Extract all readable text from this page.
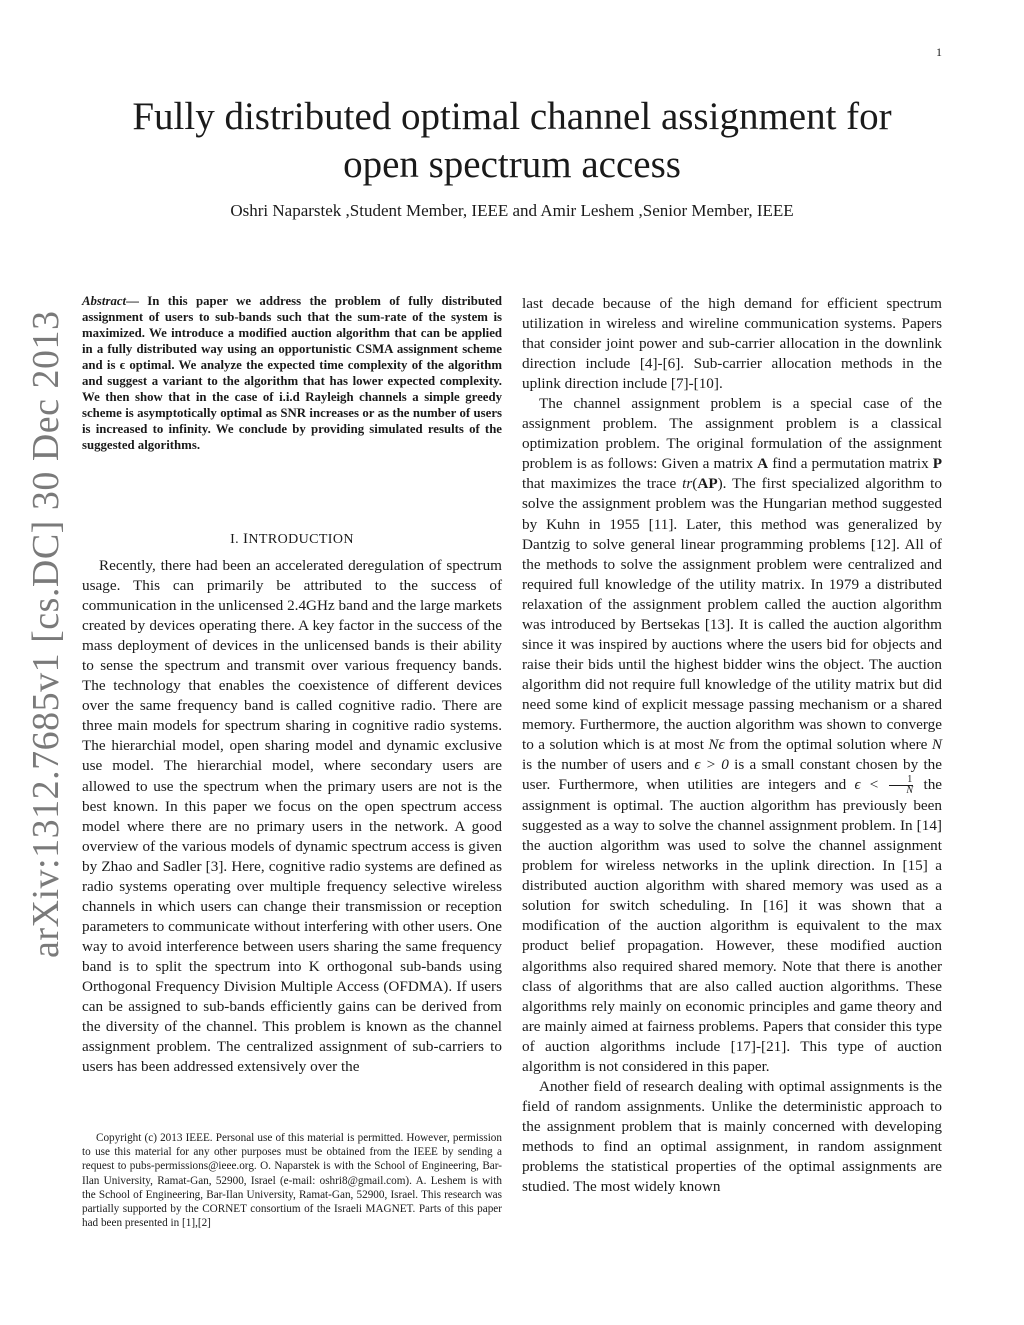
1
arXiv:1312.7685v1 [cs.DC] 30 Dec 2013
Fully distributed optimal channel assignment for open spectrum access
Oshri Naparstek ,Student Member, IEEE and Amir Leshem ,Senior Member, IEEE

Abstract— In this paper we address the problem of fully distributed assignment of users to sub-bands such that the sum-rate of the system is maximized. We introduce a modified auction algorithm that can be applied in a fully distributed way using an opportunistic CSMA assignment scheme and is ϵ optimal. We analyze the expected time complexity of the algorithm and suggest a variant to the algorithm that has lower expected complexity. We then show that in the case of i.i.d Rayleigh channels a simple greedy scheme is asymptotically optimal as SNR increases or as the number of users is increased to infinity. We conclude by providing simulated results of the suggested algorithms.

I. INTRODUCTION

Recently, there had been an accelerated deregulation of spectrum usage. This can primarily be attributed to the success of communication in the unlicensed 2.4GHz band and the large markets created by devices operating there. A key factor in the success of the mass deployment of devices in the unlicensed bands is their ability to sense the spectrum and transmit over various frequency bands. The technology that enables the coexistence of different devices over the same frequency band is called cognitive radio. There are three main models for spectrum sharing in cognitive radio systems. The hierarchial model, open sharing model and dynamic exclusive use model. The hierarchial model, where secondary users are allowed to use the spectrum when the primary users are not is the best known. In this paper we focus on the open spectrum access model where there are no primary users in the network. A good overview of the various models of dynamic spectrum access is given by Zhao and Sadler [3]. Here, cognitive radio systems are defined as radio systems operating over multiple frequency selective wireless channels in which users can change their transmission or reception parameters to communicate without interfering with other users. One way to avoid interference between users sharing the same frequency band is to split the spectrum into K orthogonal sub-bands using Orthogonal Frequency Division Multiple Access (OFDMA). If users can be assigned to sub-bands efficiently gains can be derived from the diversity of the channel. This problem is known as the channel assignment problem. The centralized assignment of sub-carriers to users has been addressed extensively over the

Copyright (c) 2013 IEEE. Personal use of this material is permitted. However, permission to use this material for any other purposes must be obtained from the IEEE by sending a request to pubs-permissions@ieee.org. O. Naparstek is with the School of Engineering, Bar-Ilan University, Ramat-Gan, 52900, Israel (e-mail: oshri8@gmail.com). A. Leshem is with the School of Engineering, Bar-Ilan University, Ramat-Gan, 52900, Israel. This research was partially supported by the CORNET consortium of the Israeli MAGNET. Parts of this paper had been presented in [1],[2]

last decade because of the high demand for efficient spectrum utilization in wireless and wireline communication systems. Papers that consider joint power and sub-carrier allocation in the downlink direction include [4]-[6]. Sub-carrier allocation methods in the uplink direction include [7]-[10].

The channel assignment problem is a special case of the assignment problem. The assignment problem is a classical optimization problem. The original formulation of the assignment problem is as follows: Given a matrix A find a permutation matrix P that maximizes the trace tr(AP). The first specialized algorithm to solve the assignment problem was the Hungarian method suggested by Kuhn in 1955 [11]. Later, this method was generalized by Dantzig to solve general linear programming problems [12]. All of the methods to solve the assignment problem were centralized and required full knowledge of the utility matrix. In 1979 a distributed relaxation of the assignment problem called the auction algorithm was introduced by Bertsekas [13]. It is called the auction algorithm since it was inspired by auctions where the users bid for objects and raise their bids until the highest bidder wins the object. The auction algorithm did not require full knowledge of the utility matrix but did need some kind of explicit message passing mechanism or a shared memory. Furthermore, the auction algorithm was shown to converge to a solution which is at most Nϵ from the optimal solution where N is the number of users and ϵ > 0 is a small constant chosen by the user. Furthermore, when utilities are integers and $\epsilon < \frac{1}{N}$ the assignment is optimal. The auction algorithm has previously been suggested as a way to solve the channel assignment problem. In [14] the auction algorithm was used to solve the channel assignment problem for wireless networks in the uplink direction. In [15] a distributed auction algorithm with shared memory was used as a solution for switch scheduling. In [16] it was shown that a modification of the auction algorithm is equivalent to the max product belief propagation. However, these modified auction algorithms also required shared memory. Note that there is another class of algorithms that are also called auction algorithms. These algorithms rely mainly on economic principles and game theory and are mainly aimed at fairness problems. Papers that consider this type of auction algorithms include [17]-[21]. This type of auction algorithm is not considered in this paper.

Another field of research dealing with optimal assignments is the field of random assignments. Unlike the deterministic approach to the assignment problem that is mainly concerned with developing methods to find an optimal assignment, in random assignment problems the statistical properties of the optimal assignments are studied. The most widely known
